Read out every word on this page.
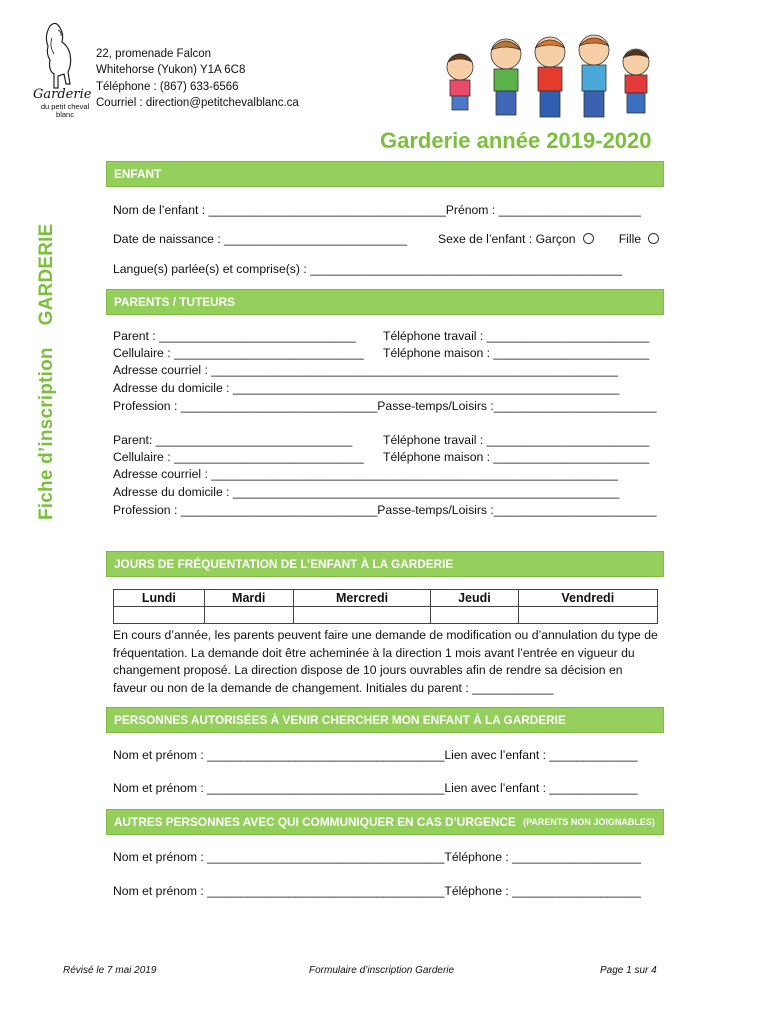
Garderie
du petit cheval blanc
22, promenade Falcon
Whitehorse (Yukon) Y1A 6C8
Téléphone : (867) 633-6566
Courriel : direction@petitchevalblanc.ca
Garderie année 2019-2020
Fiche d’inscription    GARDERIE
ENFANT
Nom de l’enfant : ___________________________________Prénom : _____________________
Date de naissance : ___________________________	Sexe de l’enfant : Garçon	Fille
Langue(s) parlée(s) et comprise(s) : ______________________________________________
PARENTS / TUTEURS
Parent : _____________________________ Téléphone travail : ________________________
Cellulaire : ____________________________ Téléphone maison : _______________________
Adresse courriel : ____________________________________________________________
Adresse du domicile : _________________________________________________________
Profession : _____________________________Passe-temps/Loisirs :________________________
Parent: _____________________________	Téléphone travail : ________________________
Cellulaire : ____________________________ Téléphone maison : _______________________
Adresse courriel : ____________________________________________________________
Adresse du domicile : _________________________________________________________
Profession : _____________________________Passe-temps/Loisirs :________________________
JOURS DE FRÉQUENTATION DE L’ENFANT À LA GARDERIE
Lundi	Mardi	Mercredi	Jeudi	Vendredi

En cours d’année, les parents peuvent faire une demande de modification ou d’annulation du type de fréquentation. La demande doit être acheminée à la direction 1 mois avant l’entrée en vigueur du changement proposé. La direction dispose de 10 jours ouvrables afin de rendre sa décision en faveur ou non de la demande de changement. Initiales du parent : ____________
PERSONNES AUTORISÉES À VENIR CHERCHER MON ENFANT À LA GARDERIE
Nom et prénom : ___________________________________Lien avec l’enfant : _____________
Nom et prénom : ___________________________________Lien avec l’enfant : _____________
AUTRES PERSONNES AVEC QUI COMMUNIQUER EN CAS D’URGENCE (PARENTS NON JOIGNABLES)
Nom et prénom : ___________________________________Téléphone : ___________________
Nom et prénom : ___________________________________Téléphone : ___________________
Révisé le 7 mai 2019	Formulaire d’inscription Garderie	Page 1 sur 4
